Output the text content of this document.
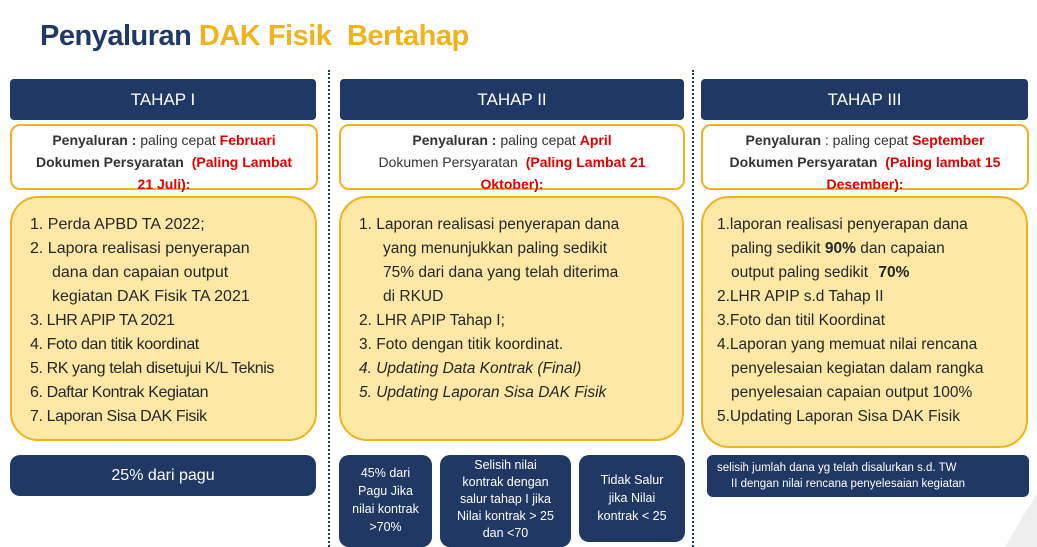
Penyaluran DAK Fisik Bertahap
TAHAP I
Penyaluran : paling cepat Februari
Dokumen Persyaratan (Paling Lambat
21 Juli):
1. Perda APBD TA 2022;
2. Lapora realisasi penyerapan
dana dan capaian output
kegiatan DAK Fisik TA 2021
3. LHR APIP TA 2021
4. Foto dan titik koordinat
5. RK yang telah disetujui K/L Teknis
6. Daftar Kontrak Kegiatan
7. Laporan Sisa DAK Fisik
25% dari pagu
TAHAP II
Penyaluran : paling cepat April
Dokumen Persyaratan (Paling Lambat 21
Oktober):
1. Laporan realisasi penyerapan dana
yang menunjukkan paling sedikit
75% dari dana yang telah diterima
di RKUD
2. LHR APIP Tahap I;
3. Foto dengan titik koordinat.
4. Updating Data Kontrak (Final)
5. Updating Laporan Sisa DAK Fisik
45% dari
Pagu Jika
nilai kontrak
>70%
Selisih nilai
kontrak dengan
salur tahap I jika
Nilai kontrak > 25
dan <70
Tidak Salur
jika Nilai
kontrak < 25
TAHAP III
Penyaluran : paling cepat September
Dokumen Persyaratan (Paling lambat 15
Desember):
1.laporan realisasi penyerapan dana
paling sedikit 90% dan capaian
output paling sedikit 70%
2.LHR APIP s.d Tahap II
3.Foto dan titil Koordinat
4.Laporan yang memuat nilai rencana
penyelesaian kegiatan dalam rangka
penyelesaian capaian output 100%
5.Updating Laporan Sisa DAK Fisik
selisih jumlah dana yg telah disalurkan s.d. TW
II dengan nilai rencana penyelesaian kegiatan
